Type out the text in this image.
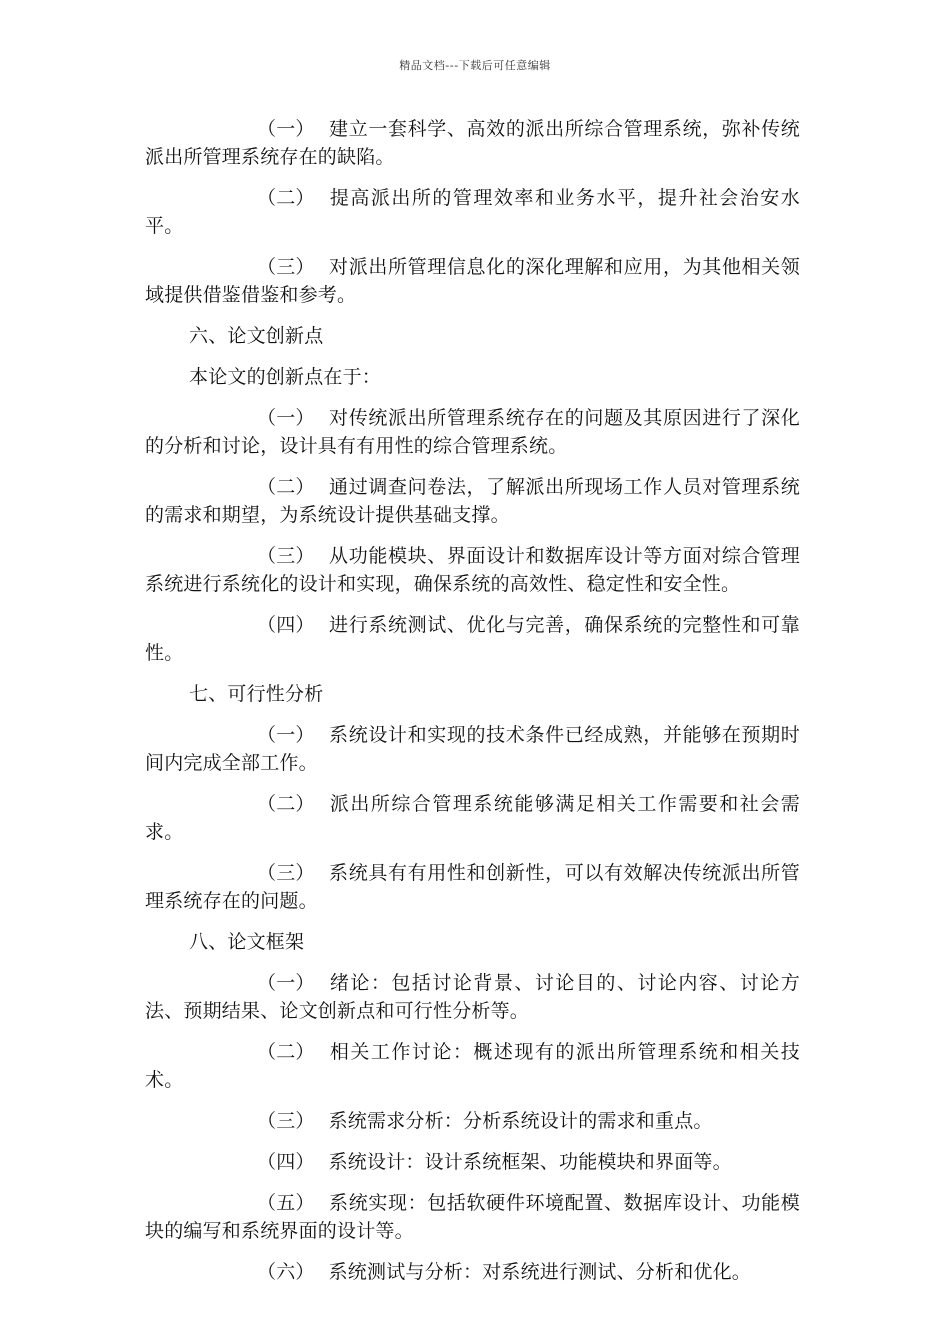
精品文档---下载后可任意编辑

（一） 建立一套科学、高效的派出所综合管理系统，弥补传统派出所管理系统存在的缺陷。

（二） 提高派出所的管理效率和业务水平，提升社会治安水平。

（三） 对派出所管理信息化的深化理解和应用，为其他相关领域提供借鉴借鉴和参考。

六、论文创新点

本论文的创新点在于：

（一） 对传统派出所管理系统存在的问题及其原因进行了深化的分析和讨论，设计具有有用性的综合管理系统。

（二） 通过调查问卷法，了解派出所现场工作人员对管理系统的需求和期望，为系统设计提供基础支撑。

（三） 从功能模块、界面设计和数据库设计等方面对综合管理系统进行系统化的设计和实现，确保系统的高效性、稳定性和安全性。

（四） 进行系统测试、优化与完善，确保系统的完整性和可靠性。

七、可行性分析

（一） 系统设计和实现的技术条件已经成熟，并能够在预期时间内完成全部工作。

（二） 派出所综合管理系统能够满足相关工作需要和社会需求。

（三） 系统具有有用性和创新性，可以有效解决传统派出所管理系统存在的问题。

八、论文框架

（一） 绪论：包括讨论背景、讨论目的、讨论内容、讨论方法、预期结果、论文创新点和可行性分析等。

（二） 相关工作讨论：概述现有的派出所管理系统和相关技术。

（三） 系统需求分析：分析系统设计的需求和重点。

（四） 系统设计：设计系统框架、功能模块和界面等。

（五） 系统实现：包括软硬件环境配置、数据库设计、功能模块的编写和系统界面的设计等。

（六） 系统测试与分析：对系统进行测试、分析和优化。
